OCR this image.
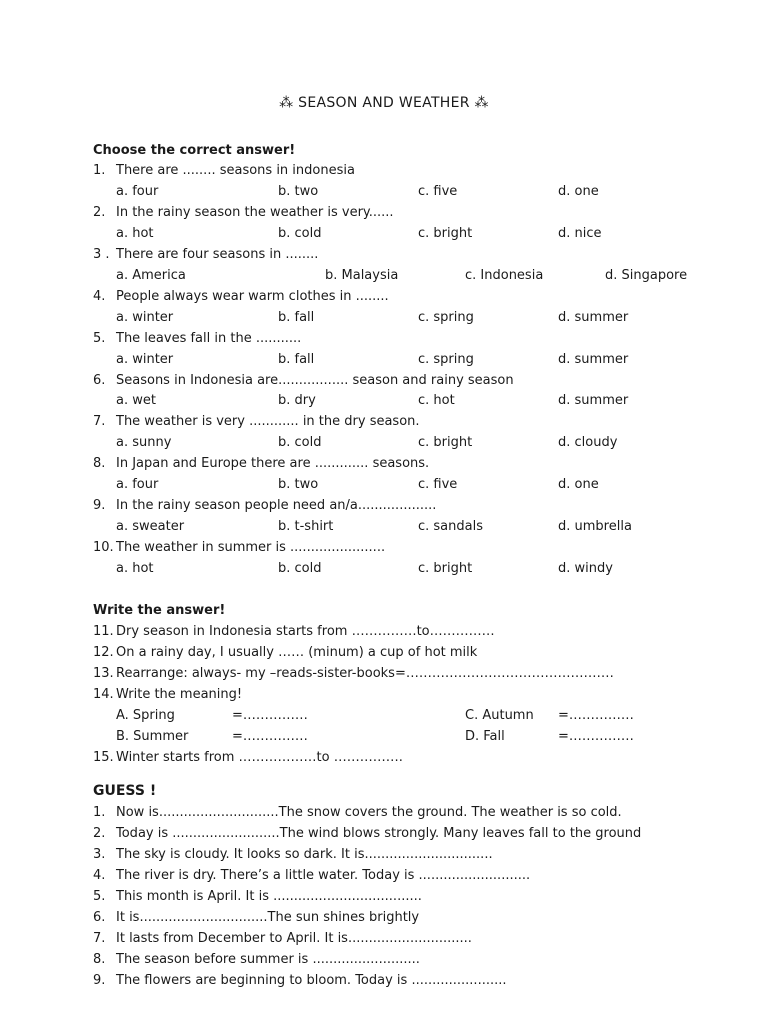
⁂ SEASON AND WEATHER ⁂
Choose the correct answer!
1. There are ........ seasons in indonesia
a. four	b. two	c. five	d. one
2. In the rainy season the weather is very......
a. hot	b. cold	c. bright	d. nice
3 . There are four seasons in ........
a. America	b. Malaysia	c. Indonesia	d. Singapore
4. People always wear warm clothes in ........
a. winter	b. fall	c. spring	d. summer
5. The leaves fall in the ...........
a. winter	b. fall	c. spring	d. summer
6. Seasons in Indonesia are................. season and rainy season
a. wet	b. dry	c. hot	d. summer
7. The weather is very ............ in the dry season.
a. sunny	b. cold	c. bright	d. cloudy
8. In Japan and Europe there are ............. seasons.
a. four	b. two	c. five	d. one
9. In the rainy season people need an/a...................
a. sweater	b. t-shirt	c. sandals	d. umbrella
10. The weather in summer is .......................
a. hot	b. cold	c. bright	d. windy
Write the answer!
11. Dry season in Indonesia starts from ……………to……………
12. On a rainy day, I usually …… (minum) a cup of hot milk
13. Rearrange: always- my –reads-sister-books=…………………………………………
14. Write the meaning!
A. Spring	=……………	C. Autumn =……………
B. Summer	=……………	D. Fall	=……………
15. Winter starts from ………………to …………….
GUESS !
1. Now is.............................The snow covers the ground. The weather is so cold.
2. Today is ..........................The wind blows strongly. Many leaves fall to the ground
3. The sky is cloudy. It looks so dark. It is...............................
4. The river is dry. There’s a little water. Today is ...........................
5. This month is April. It is ....................................
6. It is...............................The sun shines brightly
7. It lasts from December to April. It is..............................
8. The season before summer is ..........................
9. The flowers are beginning to bloom. Today is .......................
